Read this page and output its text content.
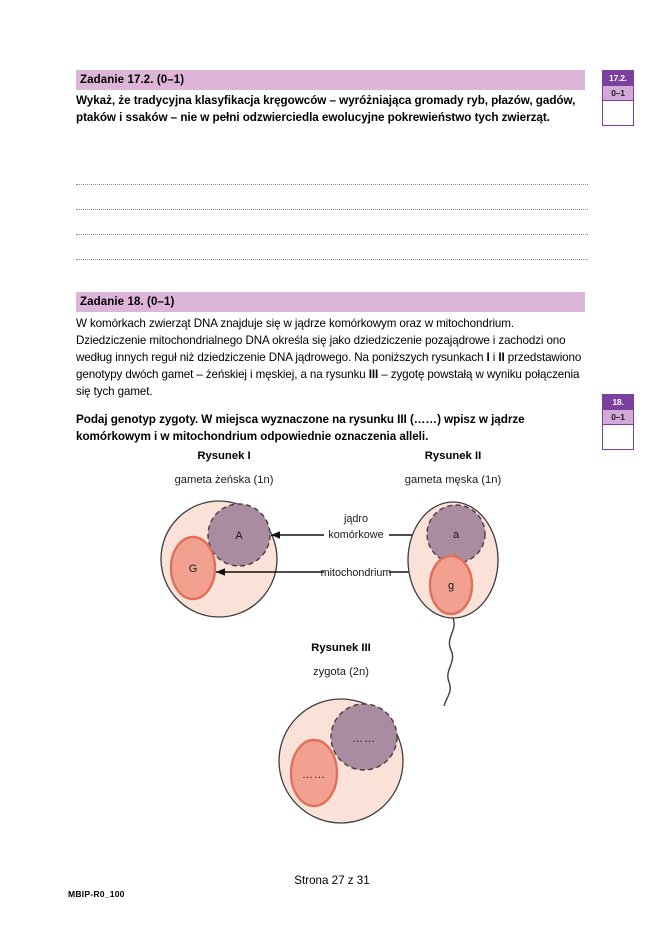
Zadanie 17.2. (0–1)
Wykaż, że tradycyjna klasyfikacja kręgowców – wyróżniająca gromady ryb, płazów, gadów, ptaków i ssaków – nie w pełni odzwierciedla ewolucyjne pokrewieństwo tych zwierząt.
17.2.
0–1
Zadanie 18. (0–1)
W komórkach zwierząt DNA znajduje się w jądrze komórkowym oraz w mitochondrium. Dziedziczenie mitochondrialnego DNA określa się jako dziedziczenie pozajądrowe i zachodzi ono według innych reguł niż dziedziczenie DNA jądrowego. Na poniższych rysunkach I i II przedstawiono genotypy dwóch gamet – żeńskiej i męskiej, a na rysunku III – zygotę powstałą w wyniku połączenia się tych gamet.
Podaj genotyp zygoty. W miejsca wyznaczone na rysunku III (……) wpisz w jądrze komórkowym i w mitochondrium odpowiednie oznaczenia alleli.
18.
0–1
Rysunek I
gameta żeńska (1n)
Rysunek II
gameta męska (1n)
A
G
jądro
komórkowe
mitochondrium
a
g
Rysunek III
zygota (2n)
……
……
Strona 27 z 31
MBIP-R0_100
